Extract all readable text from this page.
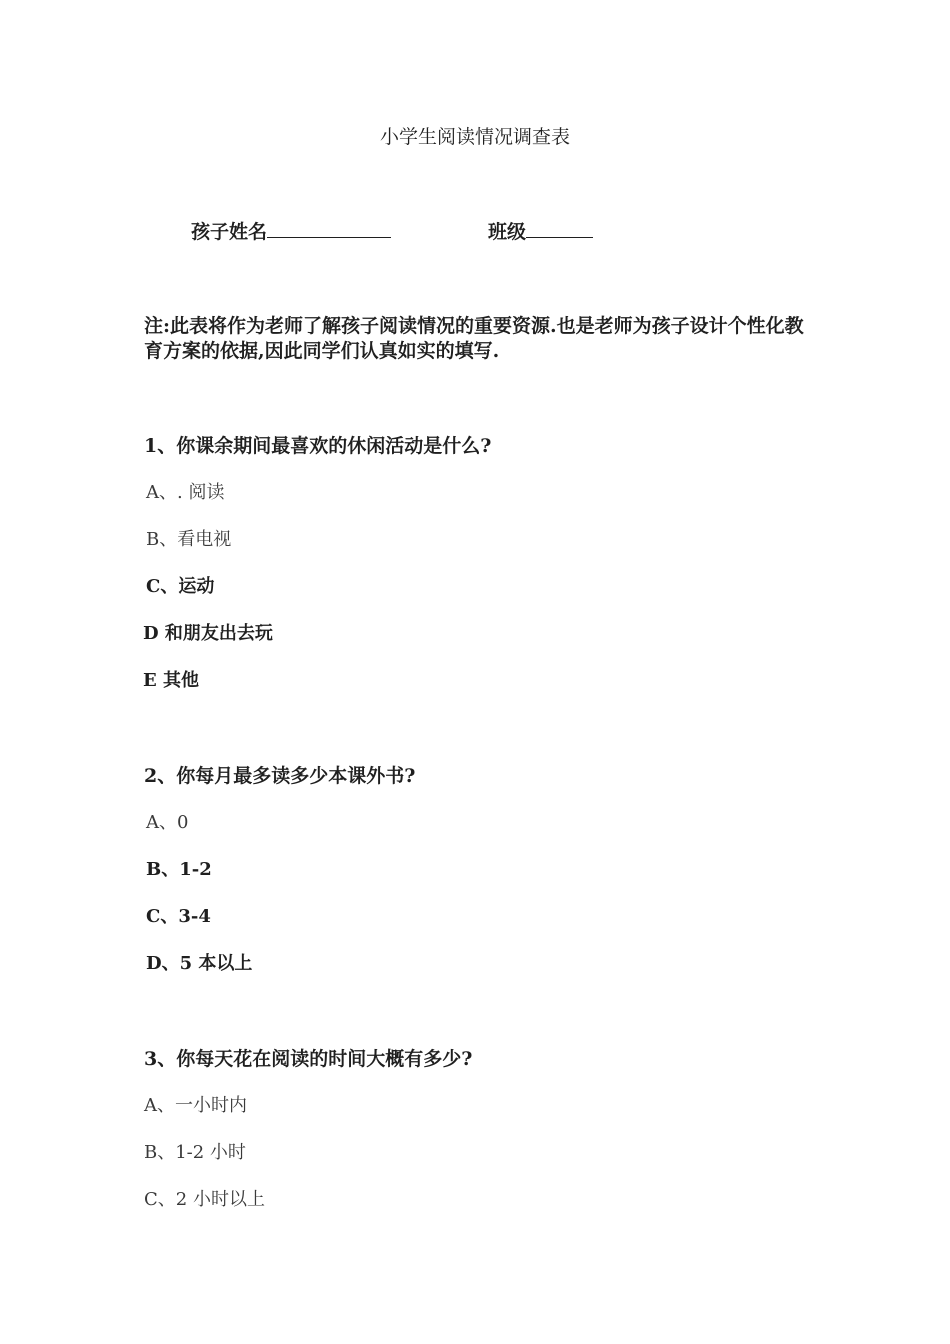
小学生阅读情况调查表
孩子姓名	班级
注:此表将作为老师了解孩子阅读情况的重要资源.也是老师为孩子设计个性化教育方案的依据,因此同学们认真如实的填写.
1、你课余期间最喜欢的休闲活动是什么?
A、. 阅读
B、看电视
C、运动
D 和朋友出去玩
E 其他
2、你每月最多读多少本课外书?
A、0
B、1-2
C、3-4
D、5 本以上
3、你每天花在阅读的时间大概有多少?
A、一小时内
B、1-2 小时
C、2 小时以上
